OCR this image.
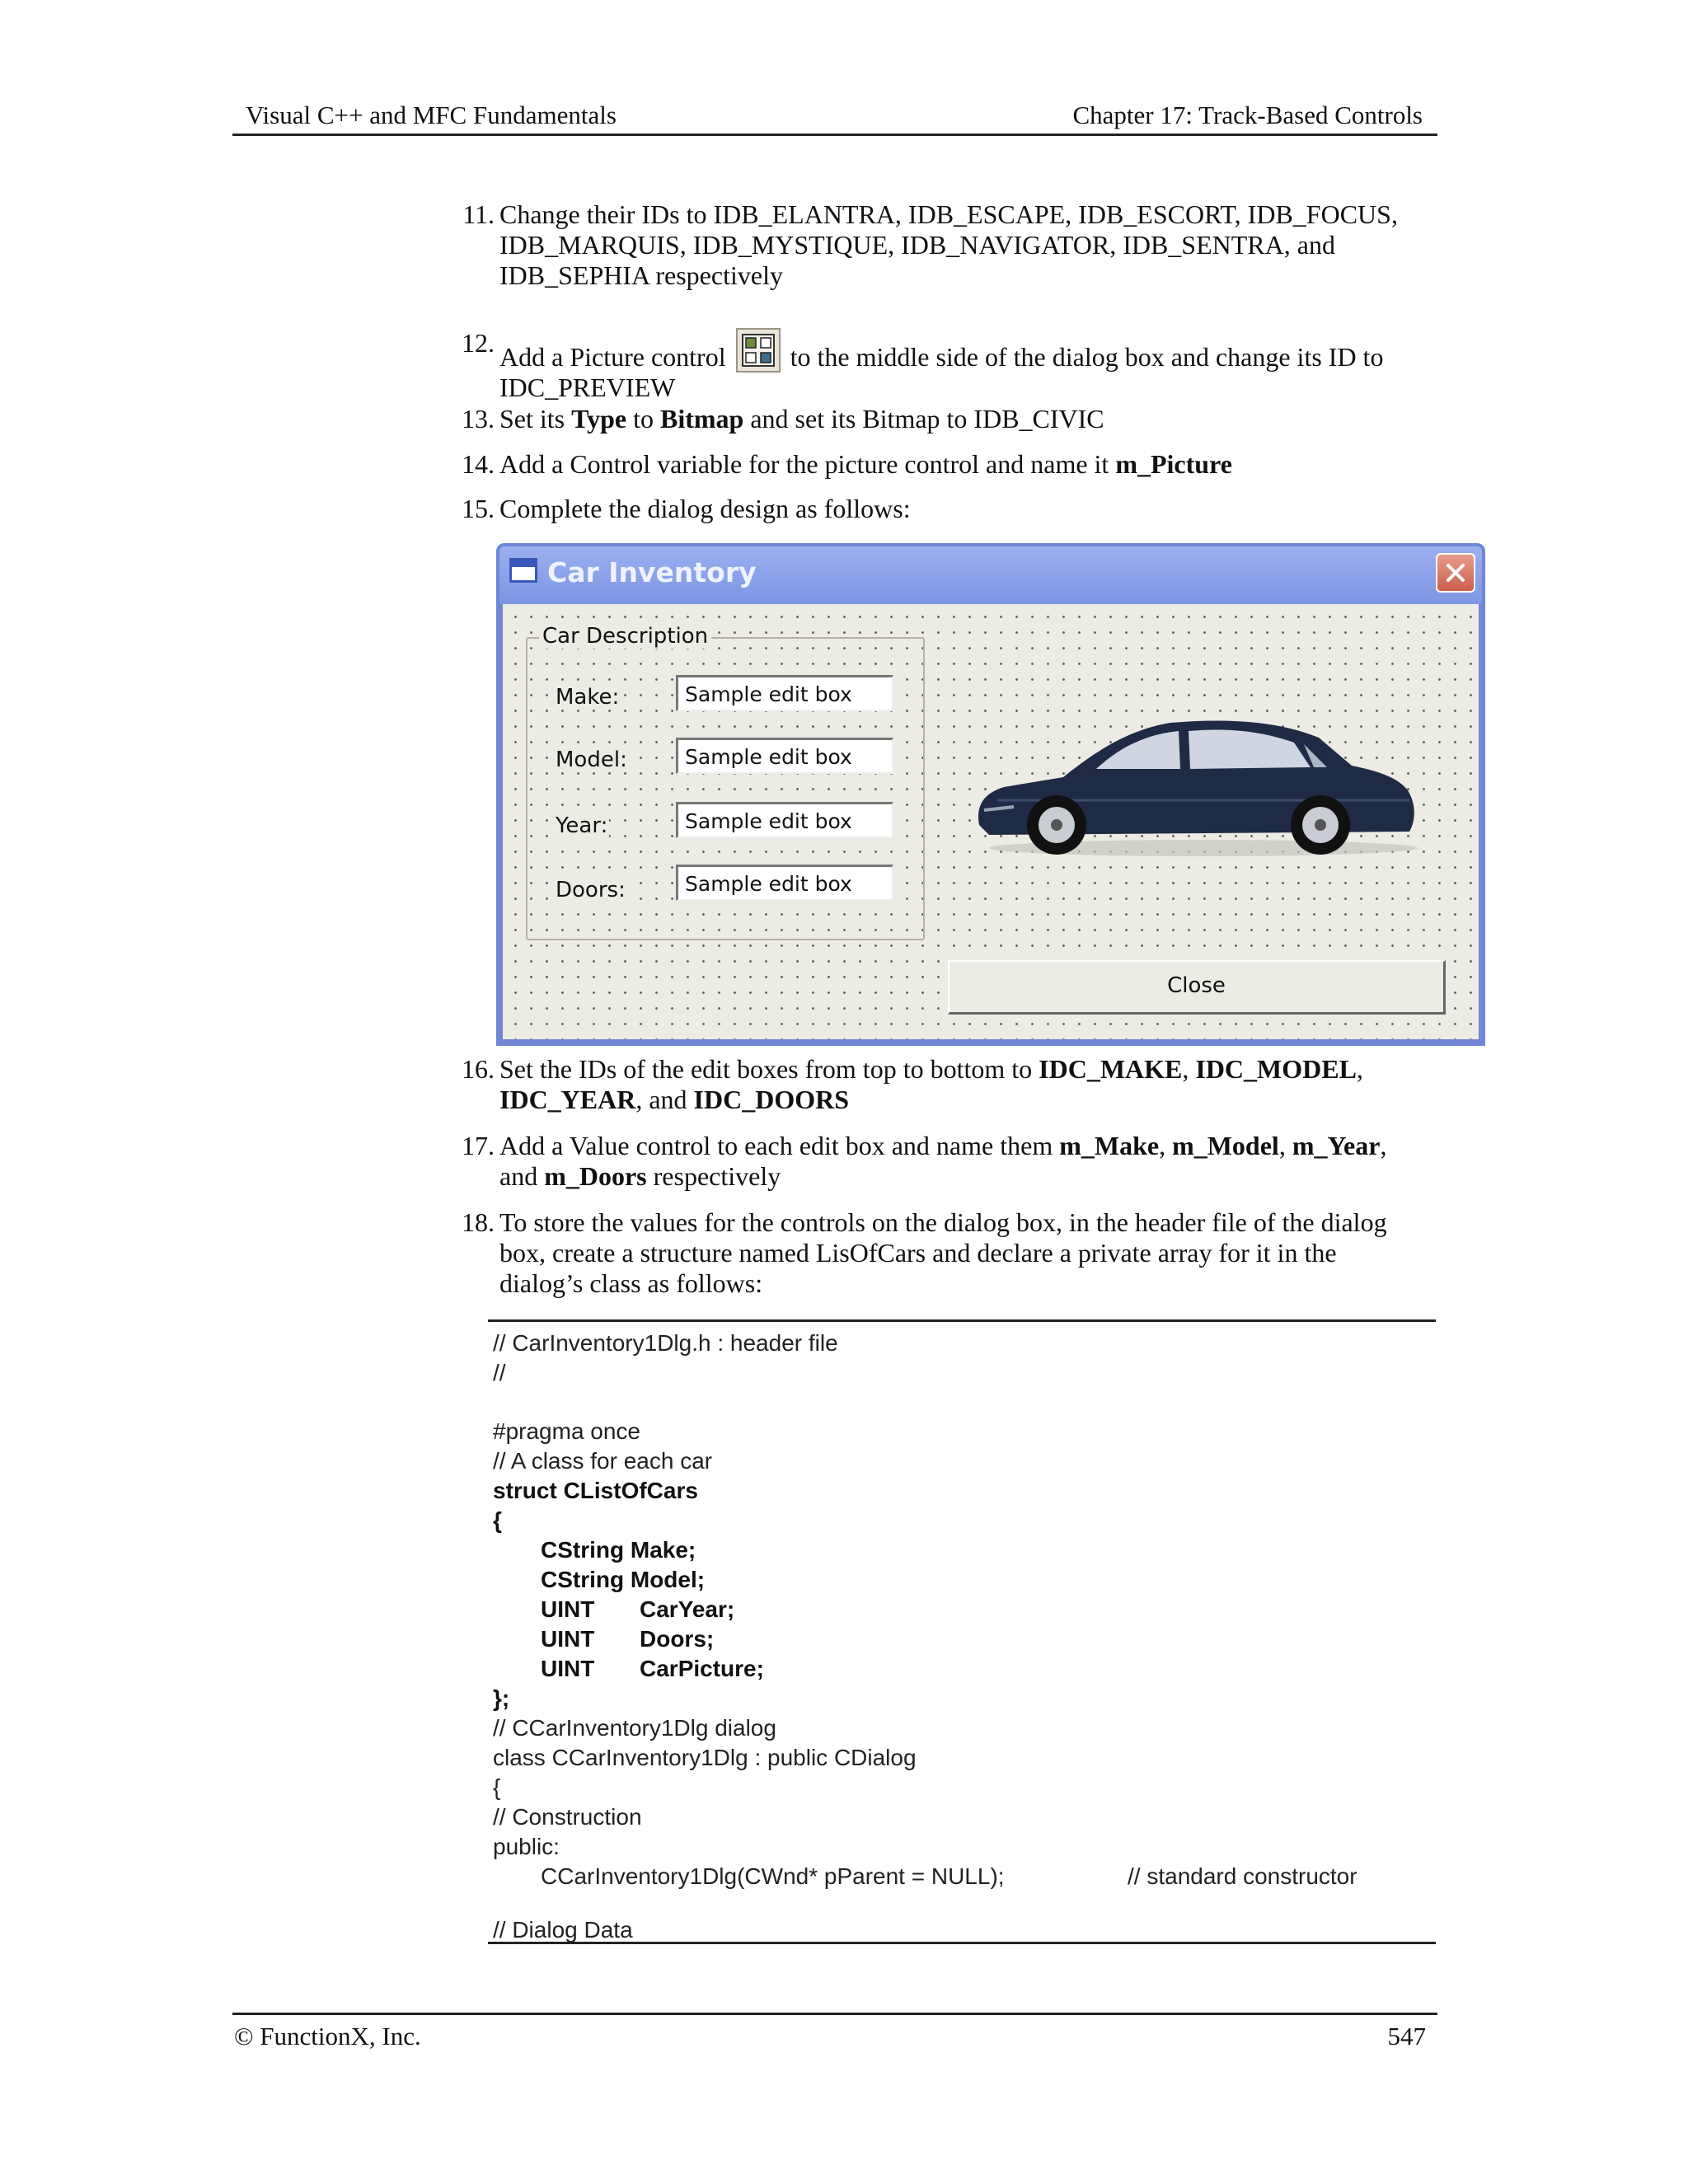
Visual C++ and MFC Fundamentals	Chapter 17: Track-Based Controls
11. Change their IDs to IDB_ELANTRA, IDB_ESCAPE, IDB_ESCORT, IDB_FOCUS,
IDB_MARQUIS, IDB_MYSTIQUE, IDB_NAVIGATOR, IDB_SENTRA, and
IDB_SEPHIA respectively
12. Add a Picture control to the middle side of the dialog box and change its ID to
IDC_PREVIEW
13. Set its Type to Bitmap and set its Bitmap to IDB_CIVIC
14. Add a Control variable for the picture control and name it m_Picture
15. Complete the dialog design as follows:
Car Inventory
Car Description
Make:	Sample edit box
Model:	Sample edit box
Year:	Sample edit box
Doors:	Sample edit box
Close
16. Set the IDs of the edit boxes from top to bottom to IDC_MAKE, IDC_MODEL,
IDC_YEAR, and IDC_DOORS
17. Add a Value control to each edit box and name them m_Make, m_Model, m_Year,
and m_Doors respectively
18. To store the values for the controls on the dialog box, in the header file of the dialog
box, create a structure named LisOfCars and declare a private array for it in the
dialog’s class as follows:
// CarInventory1Dlg.h : header file
//
#pragma once
// A class for each car
struct CListOfCars
{
CString Make;
CString Model;
UINT CarYear;
UINT Doors;
UINT CarPicture;
};
// CCarInventory1Dlg dialog
class CCarInventory1Dlg : public CDialog
{
// Construction
public:
CCarInventory1Dlg(CWnd* pParent = NULL);	// standard constructor
// Dialog Data
© FunctionX, Inc.	547
